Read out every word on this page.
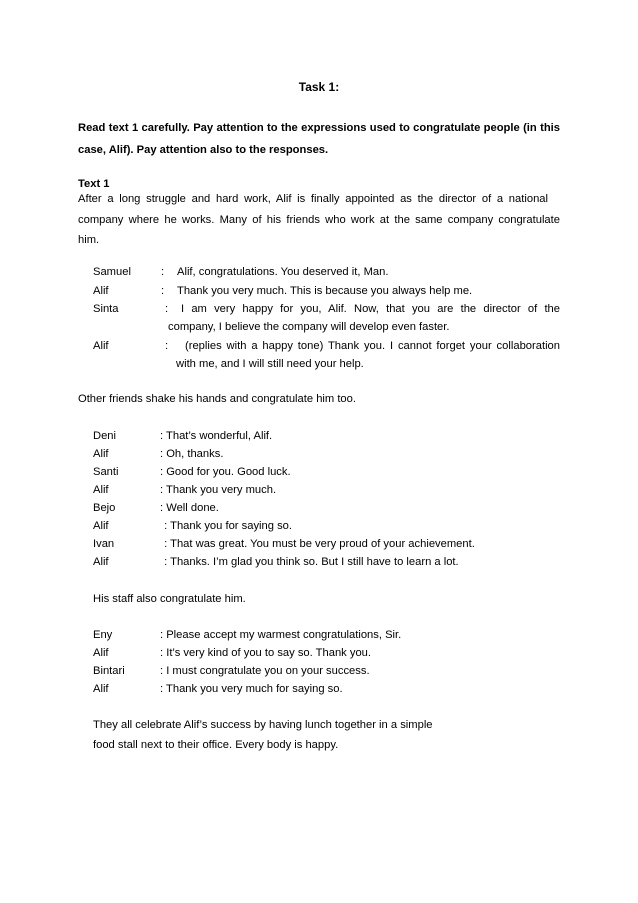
Task 1:
Read text 1 carefully. Pay attention to the expressions used to congratulate people (in this
case, Alif). Pay attention also to the responses.
Text 1
After a long struggle and hard work, Alif is finally appointed as the director of a national
company where he works. Many of his friends who work at the same company congratulate
him.
Samuel	: Alif, congratulations. You deserved it, Man.
Alif	: Thank you very much. This is because you always help me.
Sinta	: I am very happy for you, Alif. Now, that you are the director of the
company, I believe the company will develop even faster.
Alif	: (replies with a happy tone) Thank you. I cannot forget your collaboration
with me, and I will still need your help.
Other friends shake his hands and congratulate him too.
Deni	: That’s wonderful, Alif.
Alif	: Oh, thanks.
Santi	: Good for you. Good luck.
Alif	: Thank you very much.
Bejo	: Well done.
Alif	: Thank you for saying so.
Ivan	: That was great. You must be very proud of your achievement.
Alif	: Thanks. I’m glad you think so. But I still have to learn a lot.
His staff also congratulate him.
Eny	: Please accept my warmest congratulations, Sir.
Alif	: It’s very kind of you to say so. Thank you.
Bintari	: I must congratulate you on your success.
Alif	: Thank you very much for saying so.
They all celebrate Alif’s success by having lunch together in a simple
food stall next to their office. Every body is happy.
